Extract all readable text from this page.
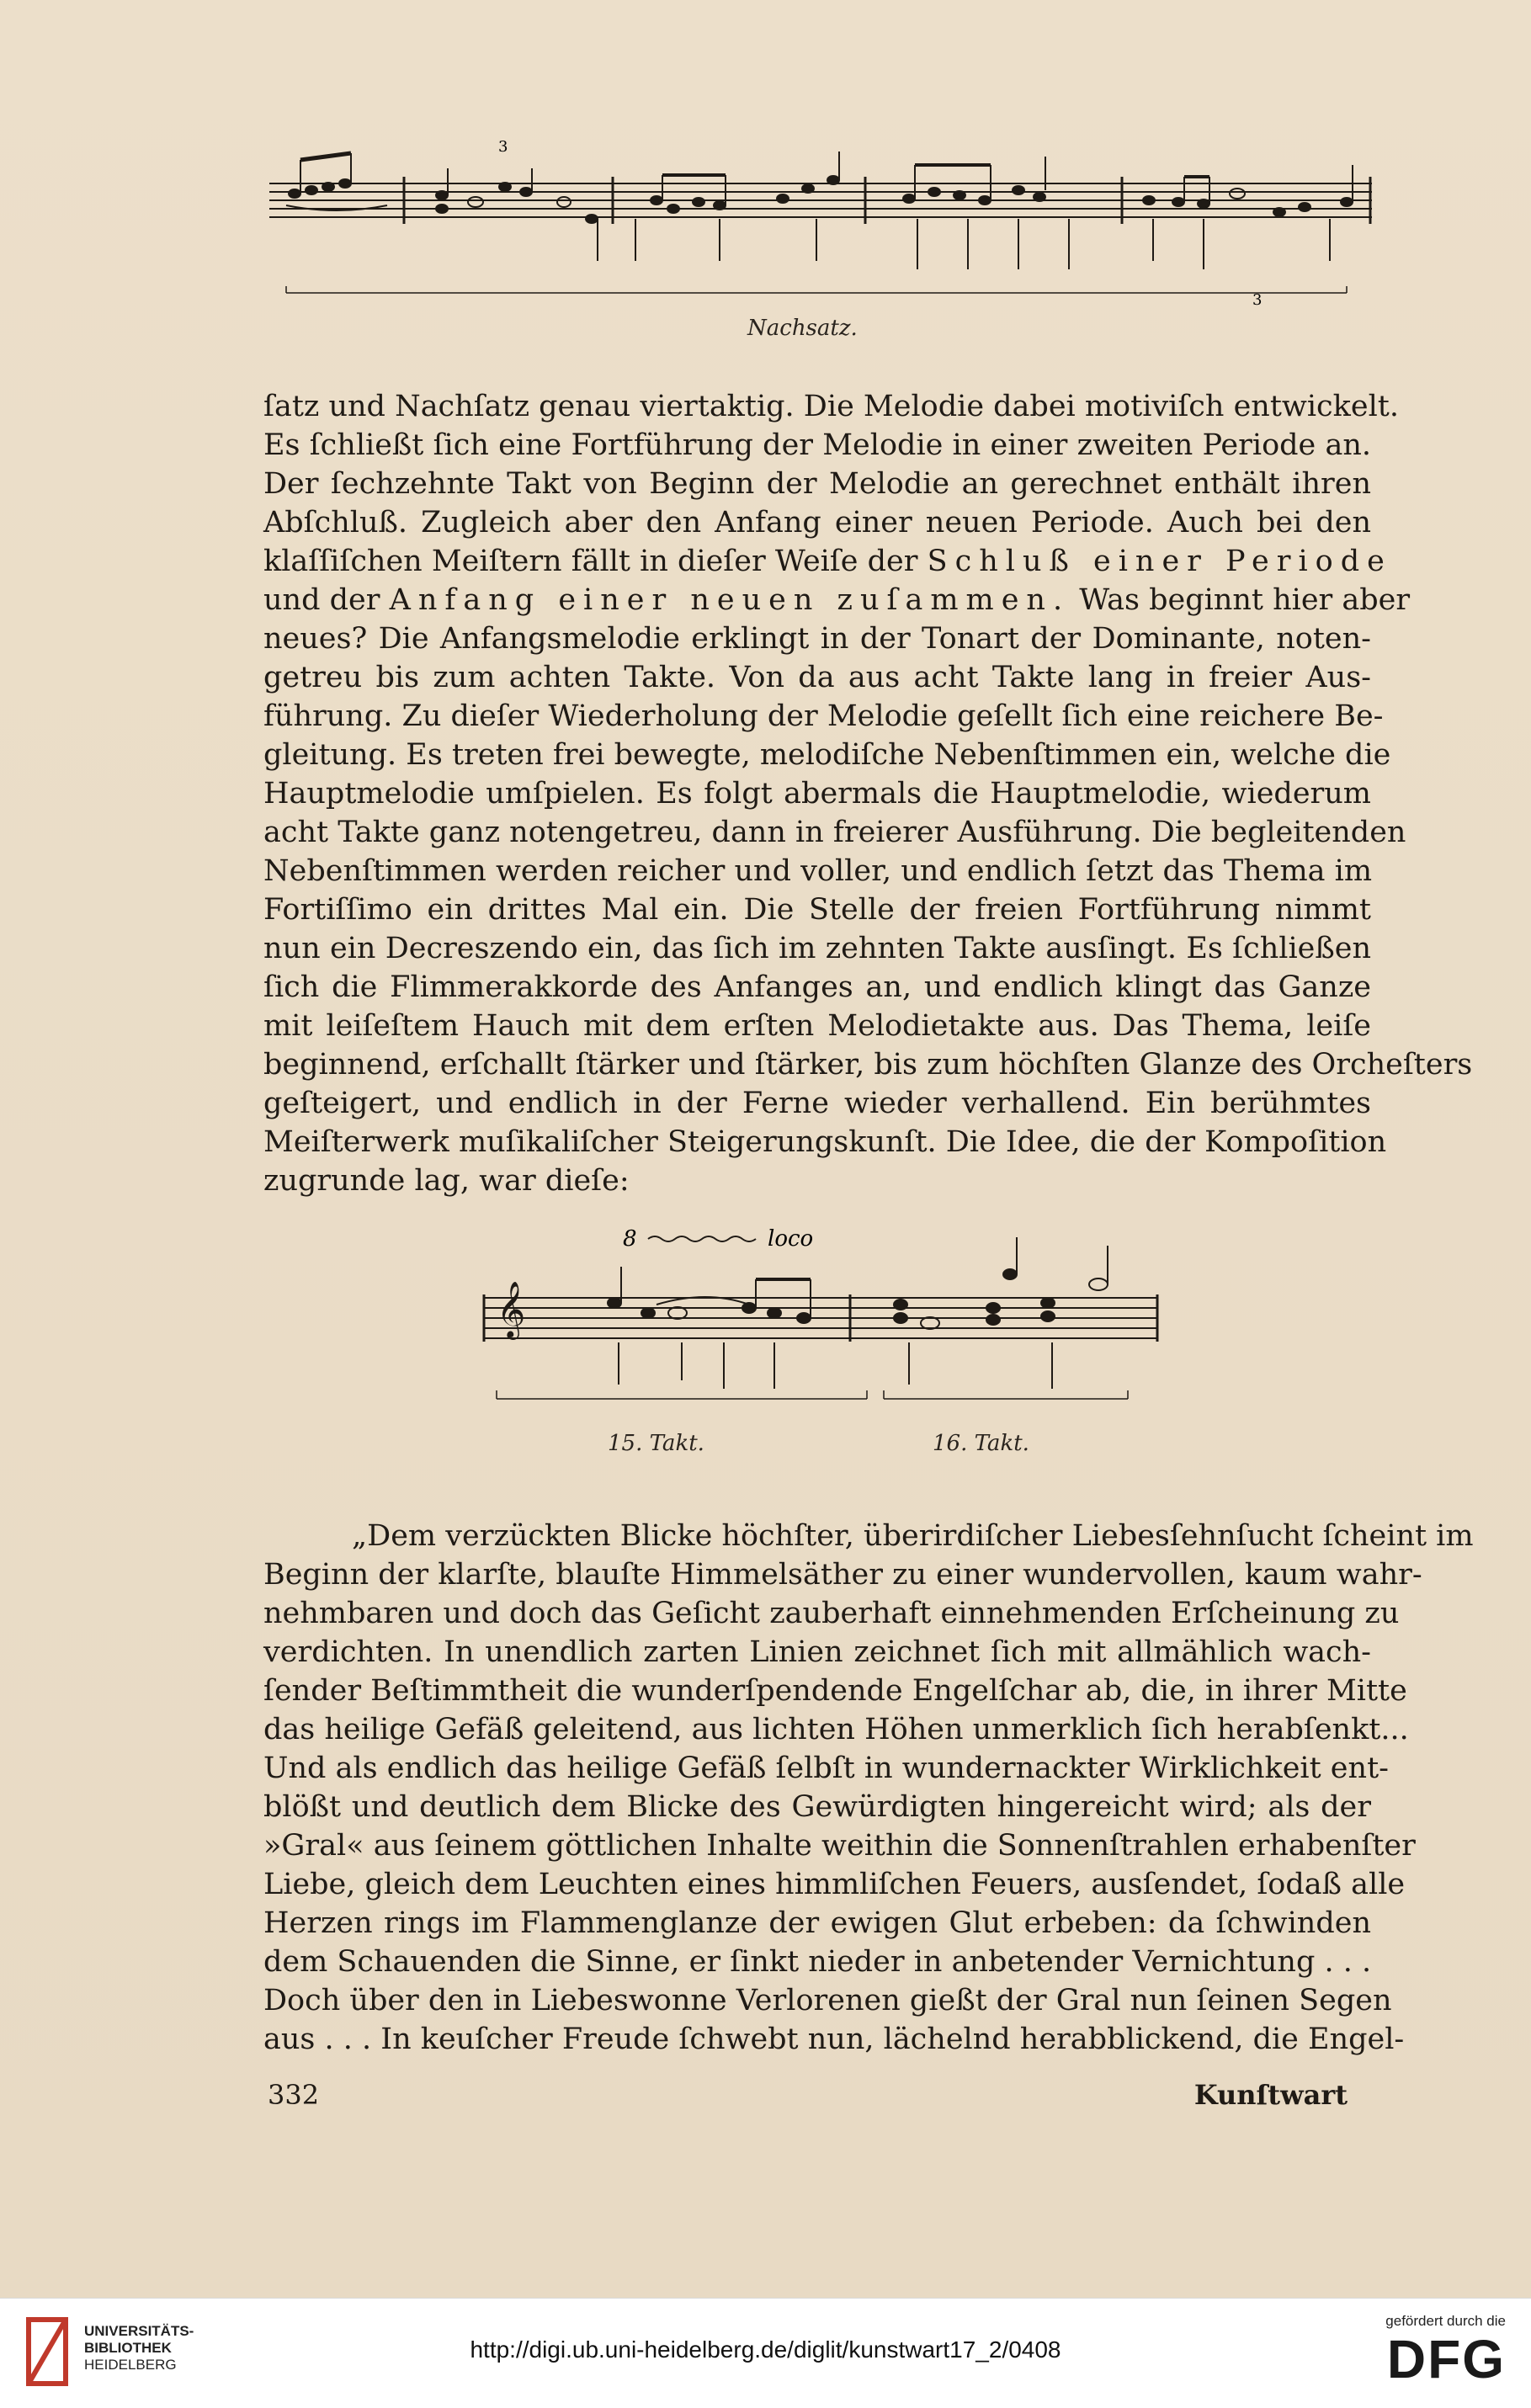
3
3
Nachsatz.

ſatz und Nachſatz genau viertaktig. Die Melodie dabei motiviſch entwickelt.

Es ſchließt ſich eine Fortführung der Melodie in einer zweiten Periode an.

Der ſechzehnte Takt von Beginn der Melodie an gerechnet enthält ihren

Abſchluß. Zugleich aber den Anfang einer neuen Periode. Auch bei den

klaſſiſchen Meiſtern fällt in dieſer Weiſe der Schluß einer Periode

und der Anfang einer neuen zuſammen. Was beginnt hier aber

neues? Die Anfangsmelodie erklingt in der Tonart der Dominante, noten-

getreu bis zum achten Takte. Von da aus acht Takte lang in freier Aus-

führung. Zu dieſer Wiederholung der Melodie geſellt ſich eine reichere Be-

gleitung. Es treten frei bewegte, melodiſche Nebenſtimmen ein, welche die

Hauptmelodie umſpielen. Es folgt abermals die Hauptmelodie, wiederum

acht Takte ganz notengetreu, dann in freierer Ausführung. Die begleitenden

Nebenſtimmen werden reicher und voller, und endlich ſetzt das Thema im

Fortiſſimo ein drittes Mal ein. Die Stelle der freien Fortführung nimmt

nun ein Decreszendo ein, das ſich im zehnten Takte ausſingt. Es ſchließen

ſich die Flimmerakkorde des Anfanges an, und endlich klingt das Ganze

mit leiſeſtem Hauch mit dem erſten Melodietakte aus. Das Thema, leiſe

beginnend, erſchallt ſtärker und ſtärker, bis zum höchſten Glanze des Orcheſters

geſteigert, und endlich in der Ferne wieder verhallend. Ein berühmtes

Meiſterwerk muſikaliſcher Steigerungskunſt. Die Idee, die der Kompoſition

zugrunde lag, war dieſe:

8	loco
𝄞
15. Takt.	16. Takt.

„Dem verzückten Blicke höchſter, überirdiſcher Liebesſehnſucht ſcheint im

Beginn der klarſte, blauſte Himmelsäther zu einer wundervollen, kaum wahr-

nehmbaren und doch das Geſicht zauberhaft einnehmenden Erſcheinung zu

verdichten. In unendlich zarten Linien zeichnet ſich mit allmählich wach-

ſender Beſtimmtheit die wunderſpendende Engelſchar ab, die, in ihrer Mitte

das heilige Gefäß geleitend, aus lichten Höhen unmerklich ſich herabſenkt...

Und als endlich das heilige Gefäß ſelbſt in wundernackter Wirklichkeit ent-

blößt und deutlich dem Blicke des Gewürdigten hingereicht wird; als der

»Gral« aus ſeinem göttlichen Inhalte weithin die Sonnenſtrahlen erhabenſter

Liebe, gleich dem Leuchten eines himmliſchen Feuers, ausſendet, ſodaß alle

Herzen rings im Flammenglanze der ewigen Glut erbeben: da ſchwinden

dem Schauenden die Sinne, er ſinkt nieder in anbetender Vernichtung . . .

Doch über den in Liebeswonne Verlorenen gießt der Gral nun ſeinen Segen

aus . . . In keuſcher Freude ſchwebt nun, lächelnd herabblickend, die Engel-

332	Kunſtwart
UNIVERSITÄTS-
BIBLIOTHEK
HEIDELBERG
http://digi.ub.uni-heidelberg.de/diglit/kunstwart17_2/0408
gefördert durch die
DFG
